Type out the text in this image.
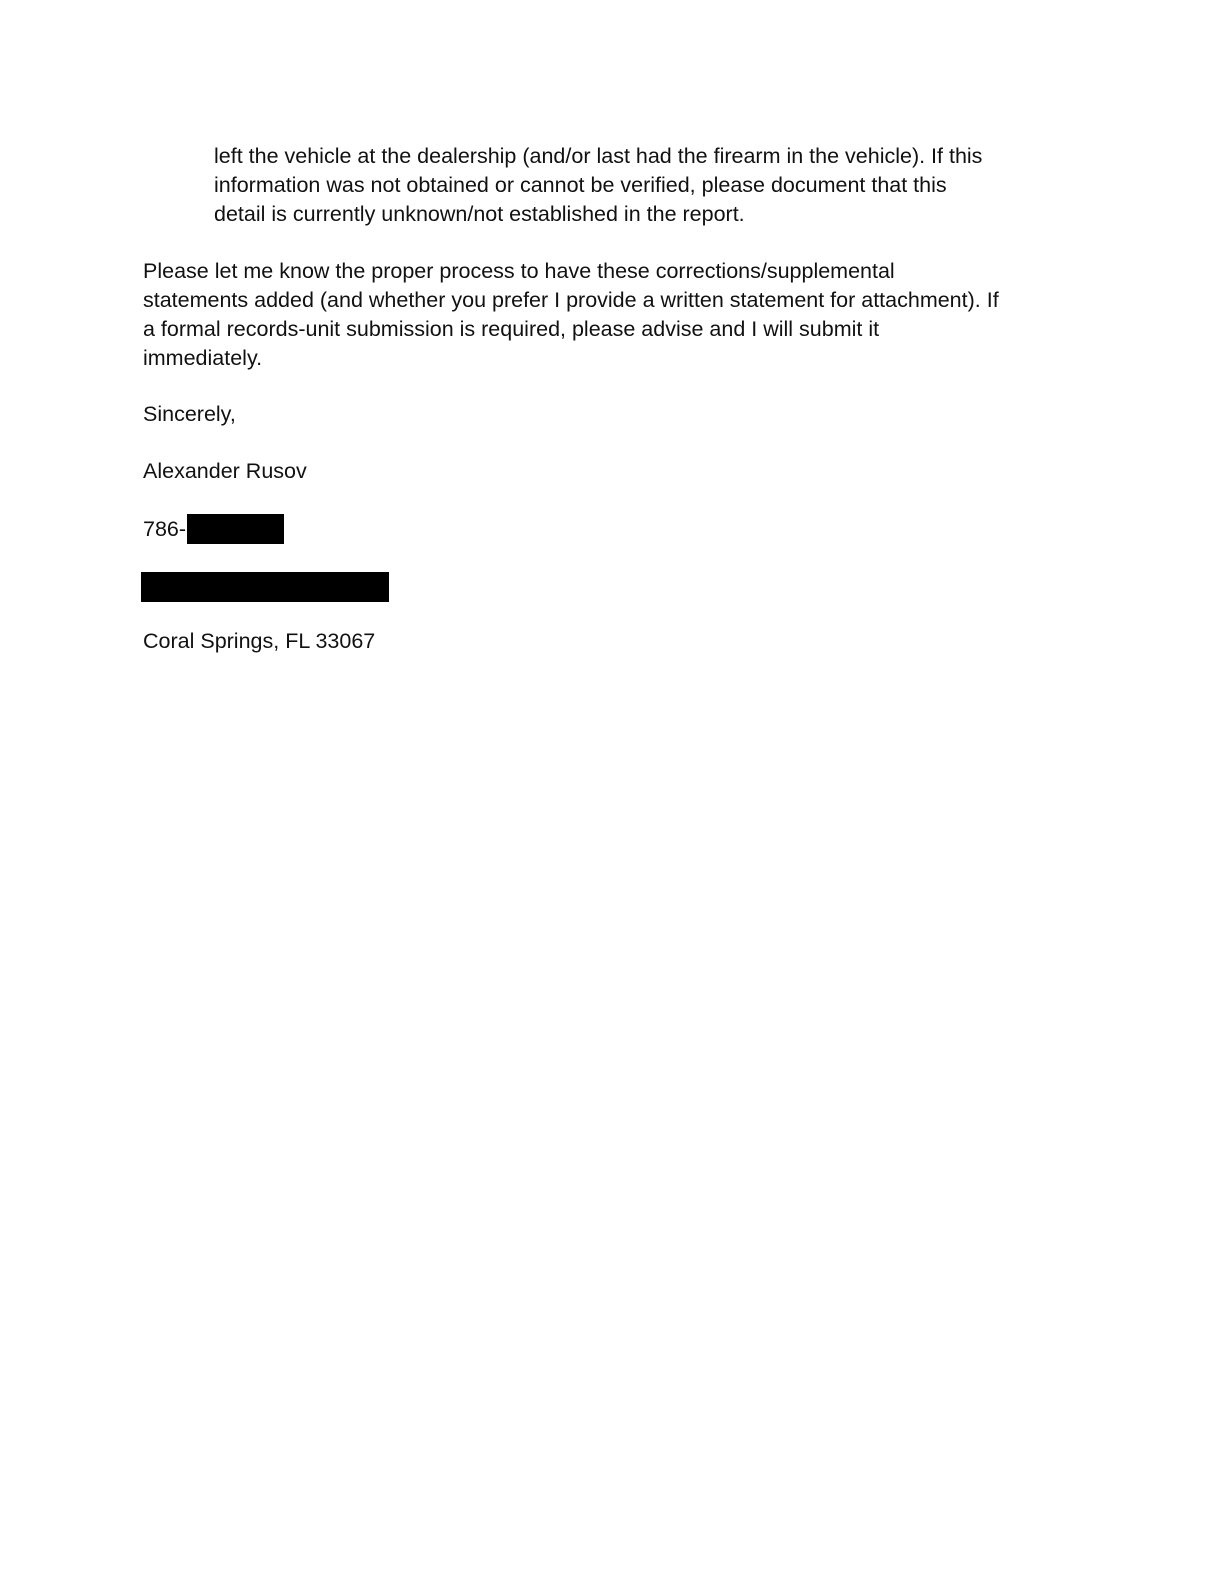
left the vehicle at the dealership (and/or last had the firearm in the vehicle). If this
information was not obtained or cannot be verified, please document that this
detail is currently unknown/not established in the report.

Please let me know the proper process to have these corrections/supplemental
statements added (and whether you prefer I provide a written statement for attachment). If
a formal records-unit submission is required, please advise and I will submit it
immediately.

Sincerely,

Alexander Rusov

786-

Coral Springs, FL 33067
